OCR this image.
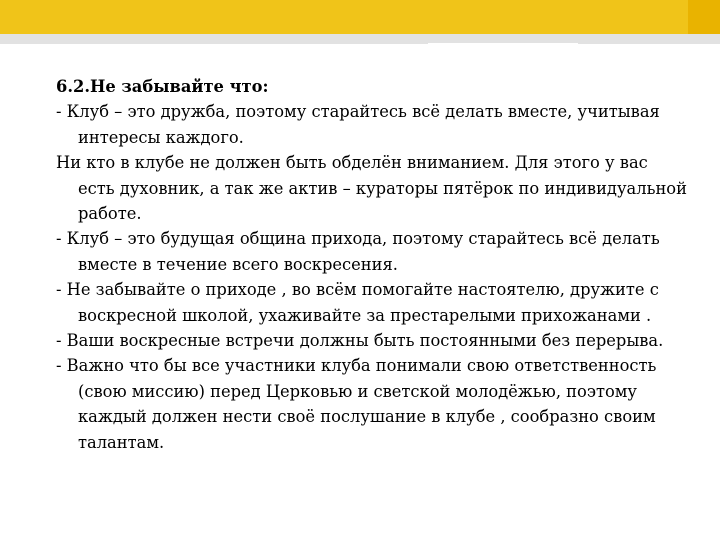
6.2.Не забывайте что:

- Клуб – это дружба, поэтому старайтесь всё делать вместе, учитывая интересы каждого.

Ни кто в клубе не должен быть обделён вниманием. Для этого у вас есть духовник, а так же актив – кураторы пятёрок по индивидуальной работе.

- Клуб – это будущая община прихода, поэтому старайтесь всё делать вместе в течение всего воскресения.

- Не забывайте о приходе , во всём помогайте настоятелю, дружите с воскресной школой, ухаживайте за престарелыми прихожанами .

- Ваши воскресные встречи должны быть постоянными без перерыва.

- Важно что бы все участники клуба понимали свою ответственность (свою миссию) перед Церковью и светской молодёжью, поэтому каждый должен нести своё послушание в клубе , сообразно своим талантам.
